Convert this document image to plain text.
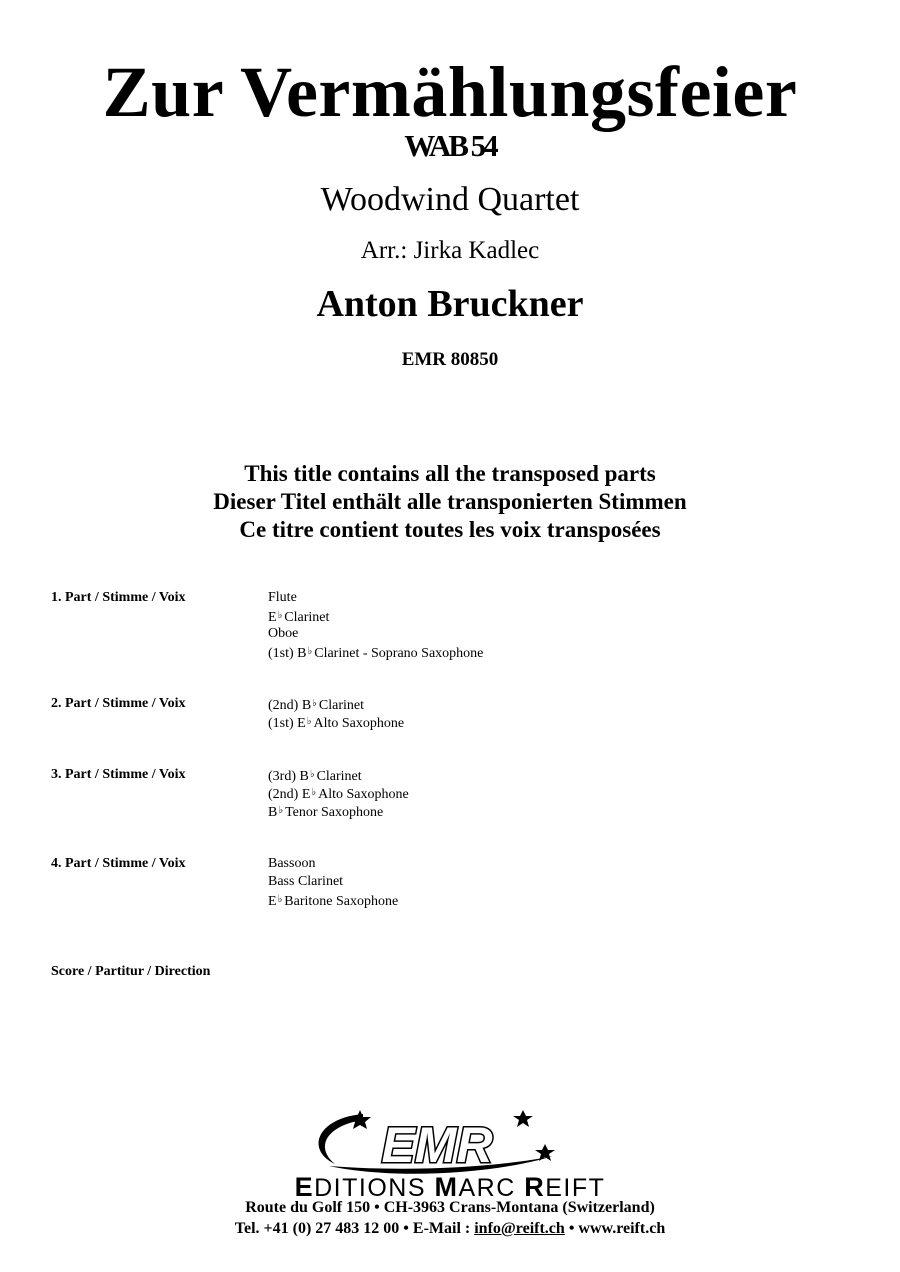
Zur Vermählungsfeier
WAB 54
Woodwind Quartet
Arr.: Jirka Kadlec
Anton Bruckner
EMR 80850
This title contains all the transposed parts
Dieser Titel enthält alle transponierten Stimmen
Ce titre contient toutes les voix transposées
1. Part / Stimme / Voix	Flute
E♭ Clarinet
Oboe
(1st) B♭ Clarinet - Soprano Saxophone
2. Part / Stimme / Voix	(2nd) B♭ Clarinet
(1st) E♭ Alto Saxophone
3. Part / Stimme / Voix	(3rd) B♭ Clarinet
(2nd) E♭ Alto Saxophone
B♭ Tenor Saxophone
4. Part / Stimme / Voix	Bassoon
Bass Clarinet
E♭ Baritone Saxophone
Score / Partitur / Direction
EMR
EDITIONS MARC REIFT
Route du Golf 150 • CH-3963 Crans-Montana (Switzerland)
Tel. +41 (0) 27 483 12 00 • E-Mail : info@reift.ch • www.reift.ch
